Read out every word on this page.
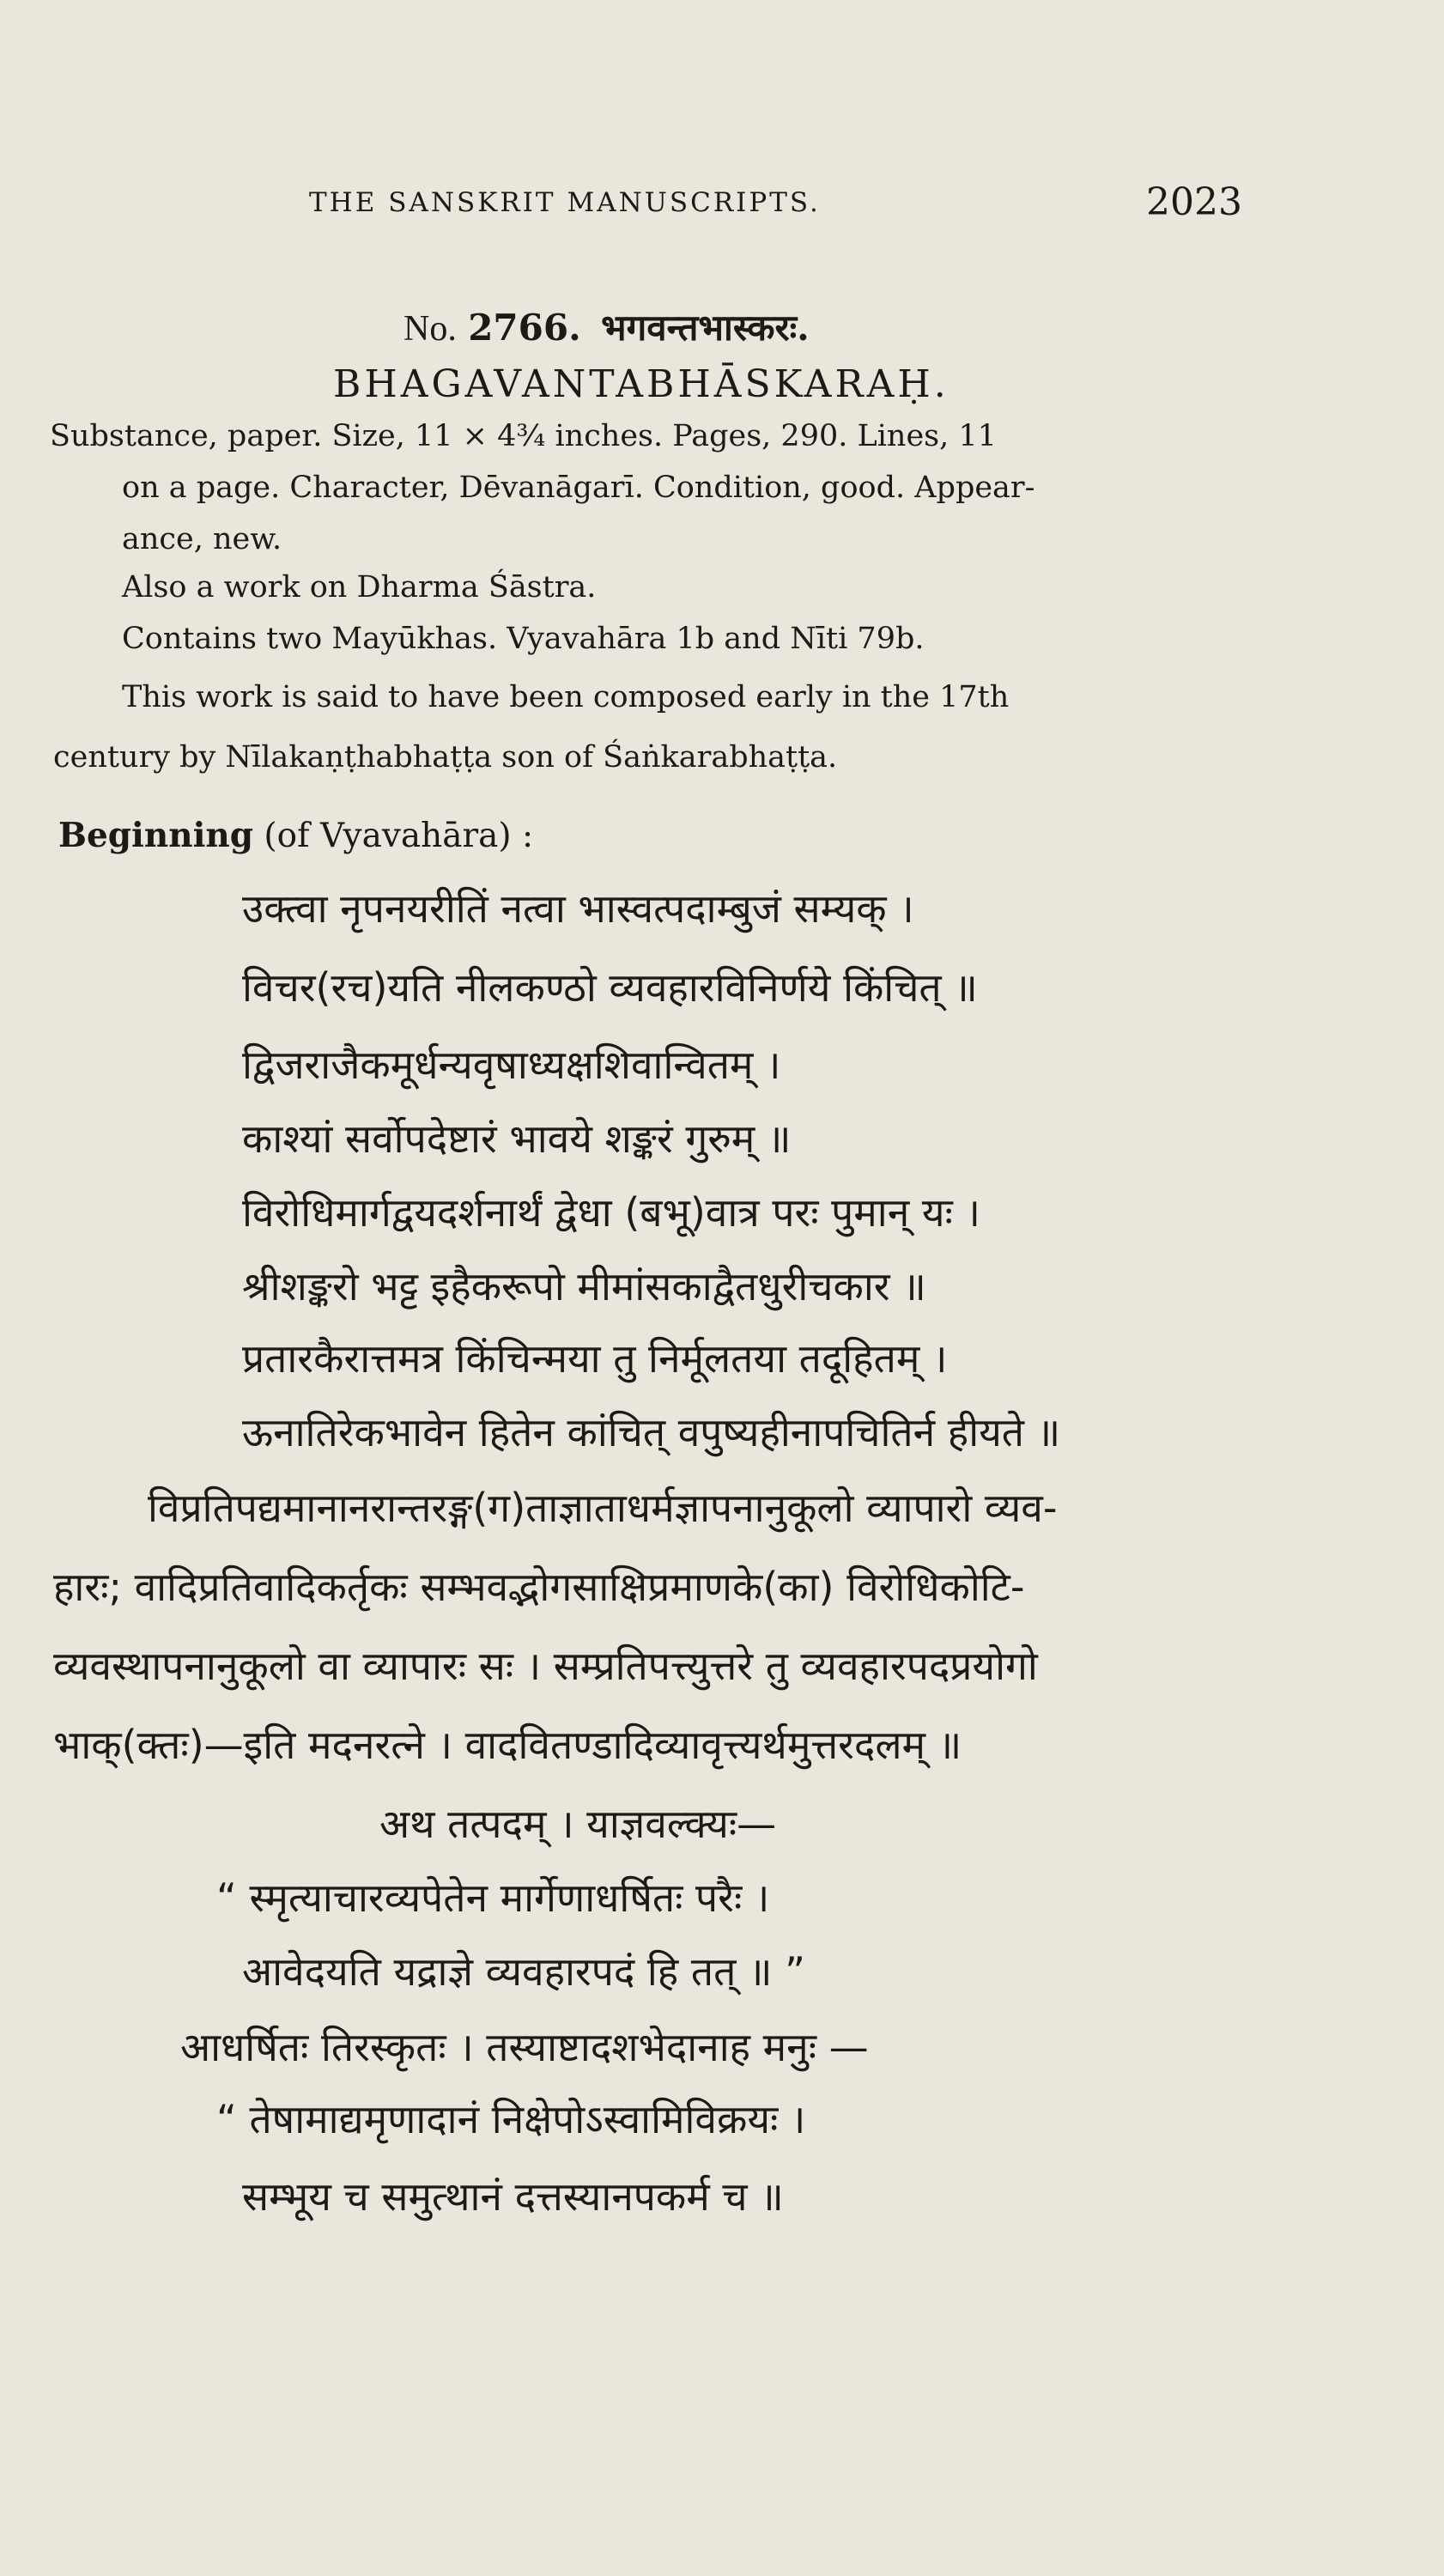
THE SANSKRIT MANUSCRIPTS.	2023
No. 2766. भगवन्तभास्करः.
BHAGAVANTABHĀSKARAḤ.
Substance, paper. Size, 11 × 4¾ inches. Pages, 290. Lines, 11
on a page. Character, Dēvanāgarī. Condition, good. Appear-
ance, new.
Also a work on Dharma Śāstra.
Contains two Mayūkhas. Vyavahāra 1b and Nīti 79b.
This work is said to have been composed early in the 17th
century by Nīlakaṇṭhabhaṭṭa son of Śaṅkarabhaṭṭa.
Beginning (of Vyavahāra) :
उक्त्वा नृपनयरीतिं नत्वा भास्वत्पदाम्बुजं सम्यक् ।
विचर(रच)यति नीलकण्ठो व्यवहारविनिर्णये किंचित् ॥
द्विजराजैकमूर्धन्यवृषाध्यक्षशिवान्वितम् ।
काश्यां सर्वोपदेष्टारं भावये शङ्करं गुरुम् ॥
विरोधिमार्गद्वयदर्शनार्थं द्वेधा (बभू)वात्र परः पुमान् यः ।
श्रीशङ्करो भट्ट इहैकरूपो मीमांसकाद्वैतधुरीचकार ॥
प्रतारकैरात्तमत्र किंचिन्मया तु निर्मूलतया तदूहितम् ।
ऊनातिरेकभावेन हितेन कांचित् वपुष्यहीनापचितिर्न हीयते ॥
विप्रतिपद्यमानानरान्तरङ्ग(ग)ताज्ञाताधर्मज्ञापनानुकूलो व्यापारो व्यव-
हारः; वादिप्रतिवादिकर्तृकः सम्भवद्भोगसाक्षिप्रमाणके(का) विरोधिकोटि-
व्यवस्थापनानुकूलो वा व्यापारः सः । सम्प्रतिपत्त्युत्तरे तु व्यवहारपदप्रयोगो
भाक्(क्तः)—इति मदनरत्ने । वादवितण्डादिव्यावृत्त्यर्थमुत्तरदलम् ॥
अथ तत्पदम् । याज्ञवल्क्यः—
“ स्मृत्याचारव्यपेतेन मार्गेणाधर्षितः परैः ।
आवेदयति यद्राज्ञे व्यवहारपदं हि तत् ॥ ”
आधर्षितः तिरस्कृतः । तस्याष्टादशभेदानाह मनुः —
“ तेषामाद्यमृणादानं निक्षेपोऽस्वामिविक्रयः ।
सम्भूय च समुत्थानं दत्तस्यानपकर्म च ॥
